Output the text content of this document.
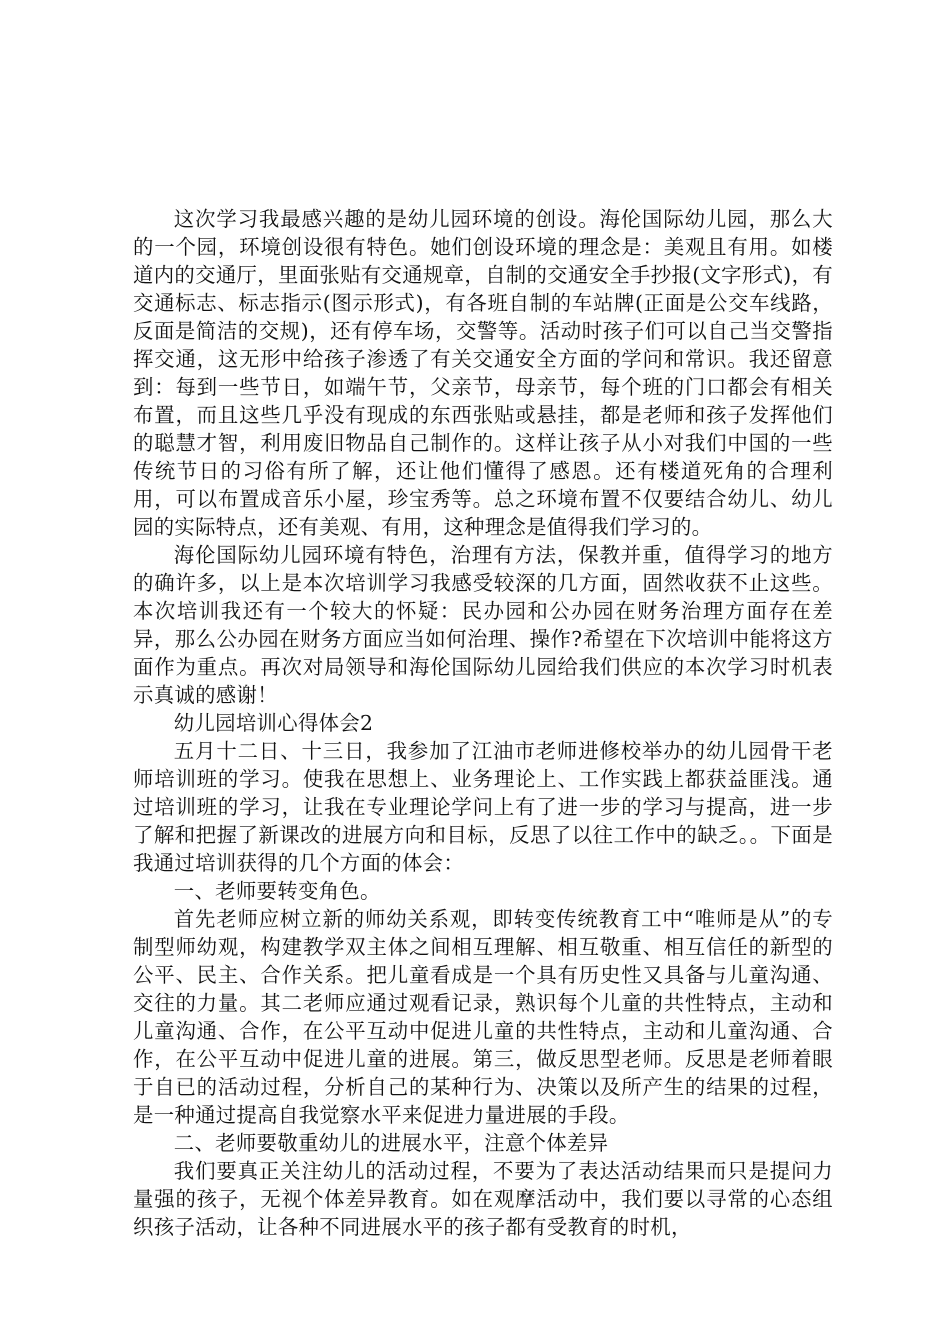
这次学习我最感兴趣的是幼儿园环境的创设。海伦国际幼儿园，那么大的一个园，环境创设很有特色。她们创设环境的理念是：美观且有用。如楼道内的交通厅，里面张贴有交通规章，自制的交通安全手抄报(文字形式)，有交通标志、标志指示(图示形式)，有各班自制的车站牌(正面是公交车线路，反面是简洁的交规)，还有停车场，交警等。活动时孩子们可以自己当交警指挥交通，这无形中给孩子渗透了有关交通安全方面的学问和常识。我还留意到：每到一些节日，如端午节，父亲节，母亲节，每个班的门口都会有相关布置，而且这些几乎没有现成的东西张贴或悬挂，都是老师和孩子发挥他们的聪慧才智，利用废旧物品自己制作的。这样让孩子从小对我们中国的一些传统节日的习俗有所了解，还让他们懂得了感恩。还有楼道死角的合理利用，可以布置成音乐小屋，珍宝秀等。总之环境布置不仅要结合幼儿、幼儿园的实际特点，还有美观、有用，这种理念是值得我们学习的。

海伦国际幼儿园环境有特色，治理有方法，保教并重，值得学习的地方的确许多，以上是本次培训学习我感受较深的几方面，固然收获不止这些。本次培训我还有一个较大的怀疑：民办园和公办园在财务治理方面存在差异，那么公办园在财务方面应当如何治理、操作?希望在下次培训中能将这方面作为重点。再次对局领导和海伦国际幼儿园给我们供应的本次学习时机表示真诚的感谢！

幼儿园培训心得体会2

五月十二日、十三日，我参加了江油市老师进修校举办的幼儿园骨干老师培训班的学习。使我在思想上、业务理论上、工作实践上都获益匪浅。通过培训班的学习，让我在专业理论学问上有了进一步的学习与提高，进一步了解和把握了新课改的进展方向和目标，反思了以往工作中的缺乏。。下面是我通过培训获得的几个方面的体会：

一、老师要转变角色。

首先老师应树立新的师幼关系观，即转变传统教育工中“唯师是从”的专制型师幼观，构建教学双主体之间相互理解、相互敬重、相互信任的新型的公平、民主、合作关系。把儿童看成是一个具有历史性又具备与儿童沟通、交往的力量。其二老师应通过观看记录，熟识每个儿童的共性特点，主动和儿童沟通、合作，在公平互动中促进儿童的共性特点，主动和儿童沟通、合作，在公平互动中促进儿童的进展。第三，做反思型老师。反思是老师着眼于自已的活动过程，分析自己的某种行为、决策以及所产生的结果的过程，是一种通过提高自我觉察水平来促进力量进展的手段。

二、老师要敬重幼儿的进展水平，注意个体差异

我们要真正关注幼儿的活动过程，不要为了表达活动结果而只是提问力量强的孩子，无视个体差异教育。如在观摩活动中，我们要以寻常的心态组织孩子活动，让各种不同进展水平的孩子都有受教育的时机，
